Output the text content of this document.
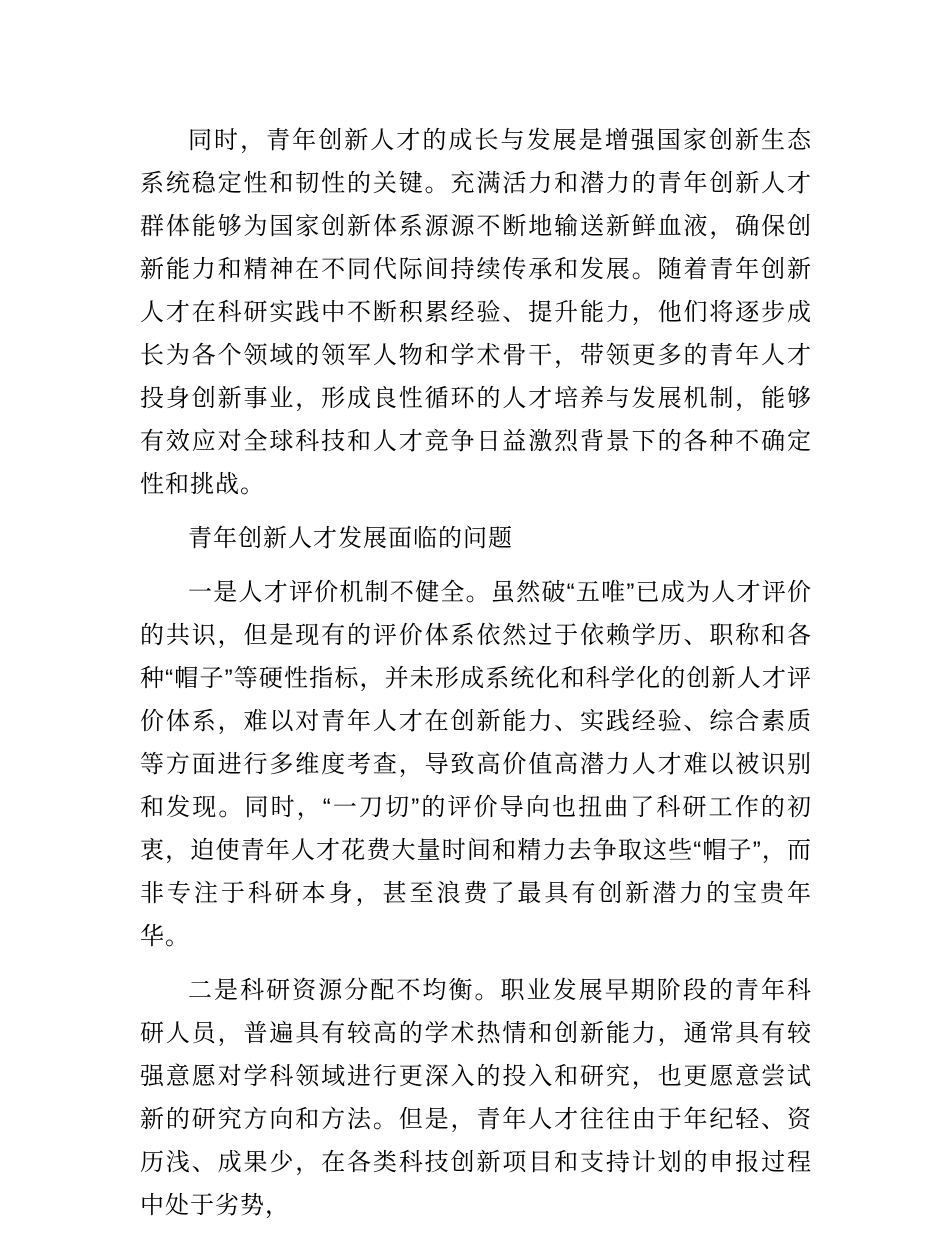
同时，青年创新人才的成长与发展是增强国家创新生态系统稳定性和韧性的关键。充满活力和潜力的青年创新人才群体能够为国家创新体系源源不断地输送新鲜血液，确保创新能力和精神在不同代际间持续传承和发展。随着青年创新人才在科研实践中不断积累经验、提升能力，他们将逐步成长为各个领域的领军人物和学术骨干，带领更多的青年人才投身创新事业，形成良性循环的人才培养与发展机制，能够有效应对全球科技和人才竞争日益激烈背景下的各种不确定性和挑战。

青年创新人才发展面临的问题

一是人才评价机制不健全。虽然破“五唯”已成为人才评价的共识，但是现有的评价体系依然过于依赖学历、职称和各种“帽子”等硬性指标，并未形成系统化和科学化的创新人才评价体系，难以对青年人才在创新能力、实践经验、综合素质等方面进行多维度考查，导致高价值高潜力人才难以被识别和发现。同时，“一刀切”的评价导向也扭曲了科研工作的初衷，迫使青年人才花费大量时间和精力去争取这些“帽子”，而非专注于科研本身，甚至浪费了最具有创新潜力的宝贵年华。

二是科研资源分配不均衡。职业发展早期阶段的青年科研人员，普遍具有较高的学术热情和创新能力，通常具有较强意愿对学科领域进行更深入的投入和研究，也更愿意尝试新的研究方向和方法。但是，青年人才往往由于年纪轻、资历浅、成果少，在各类科技创新项目和支持计划的申报过程中处于劣势，
